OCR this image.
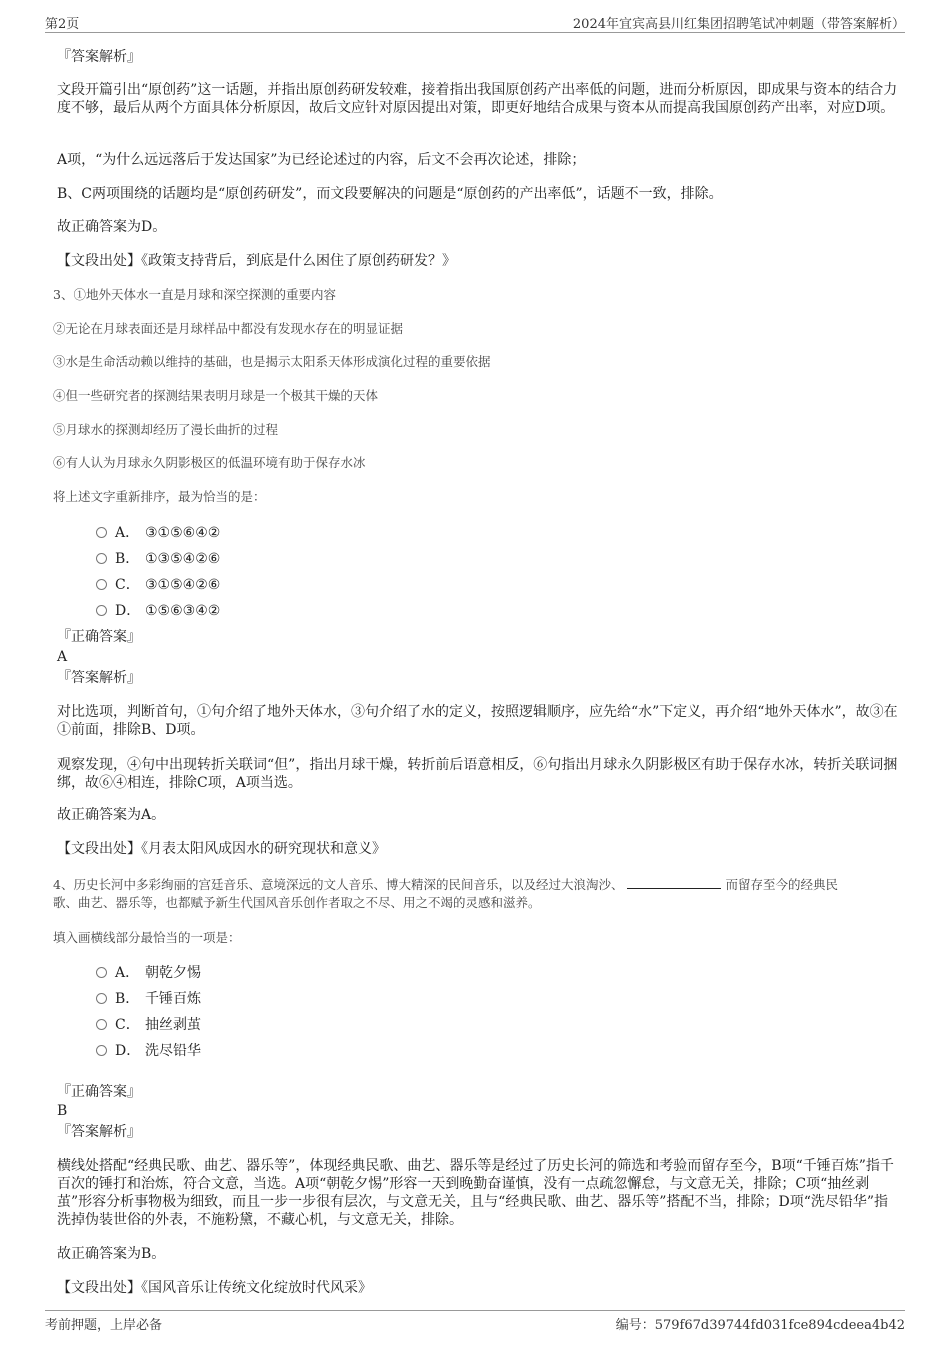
第2页	2024年宜宾高县川红集团招聘笔试冲刺题（带答案解析）
『答案解析』
文段开篇引出“原创药”这一话题，并指出原创药研发较难，接着指出我国原创药产出率低的问题，进而分析原因，即成果与资本的结合力度不够，最后从两个方面具体分析原因，故后文应针对原因提出对策，即更好地结合成果与资本从而提高我国原创药产出率，对应D项。
A项，“为什么远远落后于发达国家”为已经论述过的内容，后文不会再次论述，排除；
B、C两项围绕的话题均是“原创药研发”，而文段要解决的问题是“原创药的产出率低”，话题不一致，排除。
故正确答案为D。
【文段出处】《政策支持背后，到底是什么困住了原创药研发？》
3、①地外天体水一直是月球和深空探测的重要内容
②无论在月球表面还是月球样品中都没有发现水存在的明显证据
③水是生命活动赖以维持的基础，也是揭示太阳系天体形成演化过程的重要依据
④但一些研究者的探测结果表明月球是一个极其干燥的天体
⑤月球水的探测却经历了漫长曲折的过程
⑥有人认为月球永久阴影极区的低温环境有助于保存水冰
将上述文字重新排序，最为恰当的是：
A． ③①⑤⑥④②
B． ①③⑤④②⑥
C． ③①⑤④②⑥
D． ①⑤⑥③④②
『正确答案』
A
『答案解析』
对比选项，判断首句，①句介绍了地外天体水，③句介绍了水的定义，按照逻辑顺序，应先给“水”下定义，再介绍“地外天体水”，故③在①前面，排除B、D项。
观察发现，④句中出现转折关联词“但”，指出月球干燥，转折前后语意相反，⑥句指出月球永久阴影极区有助于保存水冰，转折关联词捆绑，故⑥④相连，排除C项，A项当选。
故正确答案为A。
【文段出处】《月表太阳风成因水的研究现状和意义》
4、历史长河中多彩绚丽的宫廷音乐、意境深远的文人音乐、博大精深的民间音乐，以及经过大浪淘沙、	而留存至今的经典民
歌、曲艺、器乐等，也都赋予新生代国风音乐创作者取之不尽、用之不竭的灵感和滋养。
填入画横线部分最恰当的一项是：
A． 朝乾夕惕
B． 千锤百炼
C． 抽丝剥茧
D． 洗尽铅华
『正确答案』
B
『答案解析』
横线处搭配“经典民歌、曲艺、器乐等”，体现经典民歌、曲艺、器乐等是经过了历史长河的筛选和考验而留存至今，B项“千锤百炼”指千百次的锤打和治炼，符合文意，当选。A项“朝乾夕惕”形容一天到晚勤奋谨慎，没有一点疏忽懈怠，与文意无关，排除；C项“抽丝剥茧”形容分析事物极为细致，而且一步一步很有层次，与文意无关，且与“经典民歌、曲艺、器乐等”搭配不当，排除；D项“洗尽铅华”指洗掉伪装世俗的外表，不施粉黛，不藏心机，与文意无关，排除。
故正确答案为B。
【文段出处】《国风音乐让传统文化绽放时代风采》
考前押题，上岸必备	编号：579f67d39744fd031fce894cdeea4b42
